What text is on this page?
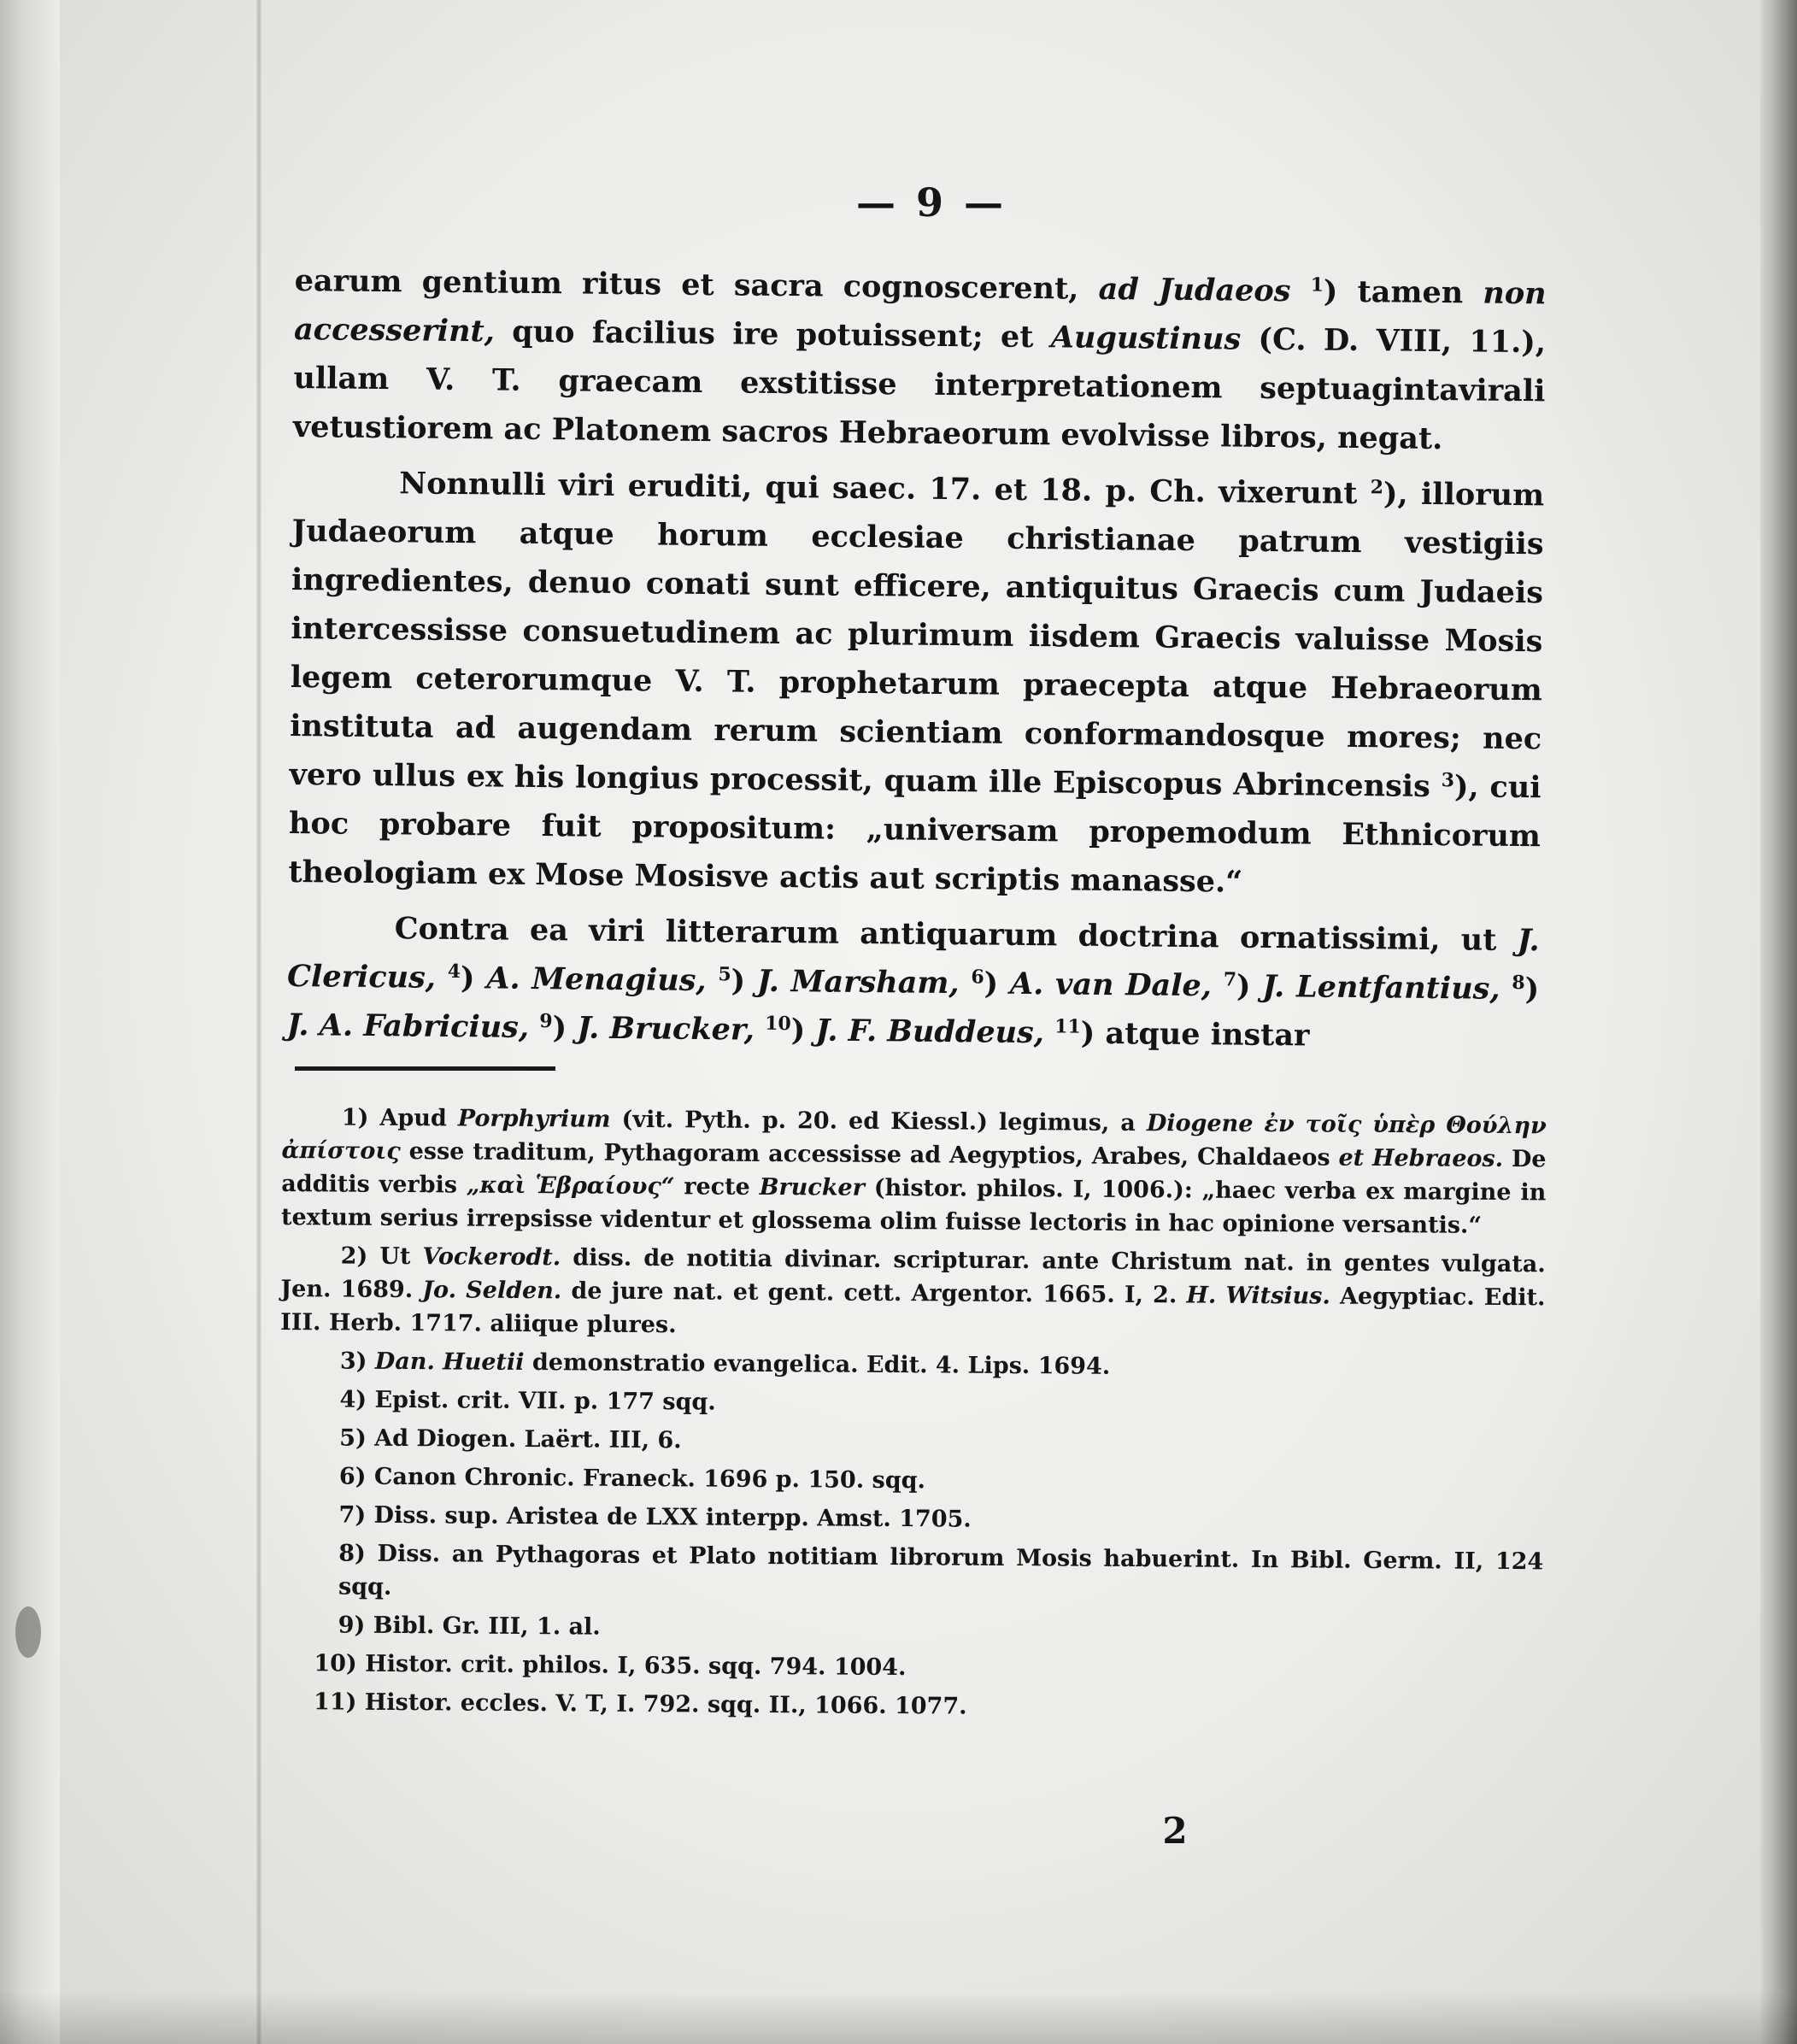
— 9 —

earum gentium ritus et sacra cognoscerent, ad Judaeos $^1$) tamen non accesserint, quo facilius ire potuissent; et Augustinus (C. D. VIII, 11.), ullam V. T. graecam exstitisse interpretationem septuagintavirali vetustiorem ac Platonem sacros Hebraeorum evolvisse libros, negat.

Nonnulli viri eruditi, qui saec. 17. et 18. p. Ch. vixerunt $^2$), illorum Judaeorum atque horum ecclesiae christianae patrum vestigiis ingredientes, denuo conati sunt efficere, antiquitus Graecis cum Judaeis intercessisse consuetudinem ac plurimum iisdem Graecis valuisse Mosis legem ceterorumque V. T. prophetarum praecepta atque Hebraeorum instituta ad augendam rerum scientiam conformandosque mores; nec vero ullus ex his longius processit, quam ille Episcopus Abrincensis $^3$), cui hoc probare fuit propositum: „universam propemodum Ethnicorum theologiam ex Mose Mosisve actis aut scriptis manasse.“

Contra ea viri litterarum antiquarum doctrina ornatissimi, ut J. Clericus, $^4$) A. Menagius, $^5$) J. Marsham, $^6$) A. van Dale, $^7$) J. Lentfantius, $^8$) J. A. Fabricius, $^9$) J. Brucker, $^{10}$) J. F. Buddeus, $^{11}$) atque instar

1) Apud Porphyrium (vit. Pyth. p. 20. ed Kiessl.) legimus, a Diogene ἐν τοῖς ὑπὲρ Θούλην ἀπίστοις esse traditum, Pythagoram accessisse ad Aegyptios, Arabes, Chaldaeos et Hebraeos. De additis verbis „καὶ Ἑβραίους“ recte Brucker (histor. philos. I, 1006.): „haec verba ex margine in textum serius irrepsisse videntur et glossema olim fuisse lectoris in hac opinione versantis.“

2) Ut Vockerodt. diss. de notitia divinar. scripturar. ante Christum nat. in gentes vulgata. Jen. 1689. Jo. Selden. de jure nat. et gent. cett. Argentor. 1665. I, 2. H. Witsius. Aegyptiac. Edit. III. Herb. 1717. aliique plures.

3) Dan. Huetii demonstratio evangelica. Edit. 4. Lips. 1694.

4) Epist. crit. VII. p. 177 sqq.

5) Ad Diogen. Laërt. III, 6.

6) Canon Chronic. Franeck. 1696 p. 150. sqq.

7) Diss. sup. Aristea de LXX interpp. Amst. 1705.

8) Diss. an Pythagoras et Plato notitiam librorum Mosis habuerint. In Bibl. Germ. II, 124 sqq.

9) Bibl. Gr. III, 1. al.

10) Histor. crit. philos. I, 635. sqq. 794. 1004.

11) Histor. eccles. V. T, I. 792. sqq. II., 1066. 1077.

2
